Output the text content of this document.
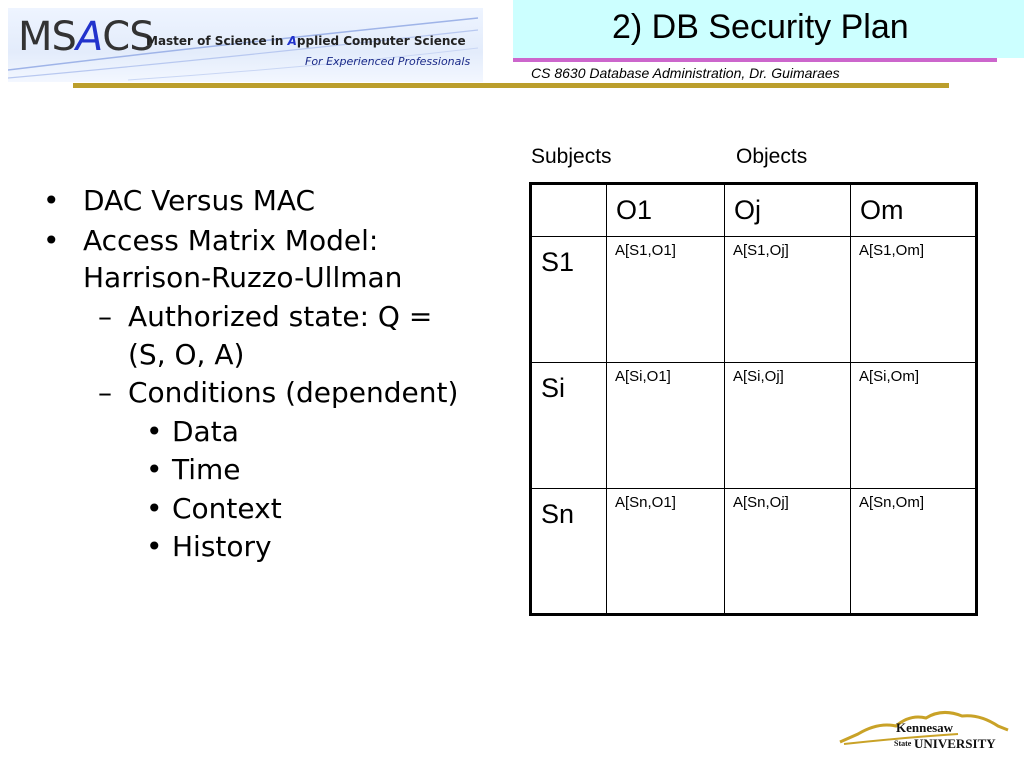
2) DB Security Plan
CS 8630 Database Administration, Dr. Guimaraes
MSACS
Master of Science in Applied Computer Science
For Experienced Professionals
• DAC Versus MAC
• Access Matrix Model:
Harrison-Ruzzo-Ullman
– Authorized state: Q =
(S, O, A)
– Conditions (dependent)
• Data
• Time
• Context
• History
Subjects	Objects
	O1	Oj	Om
S1	A[S1,O1]	A[S1,Oj]	A[S1,Om]
Si	A[Si,O1]	A[Si,Oj]	A[Si,Om]
Sn	A[Sn,O1]	A[Sn,Oj]	A[Sn,Om]
Kennesaw
State UNIVERSITY
